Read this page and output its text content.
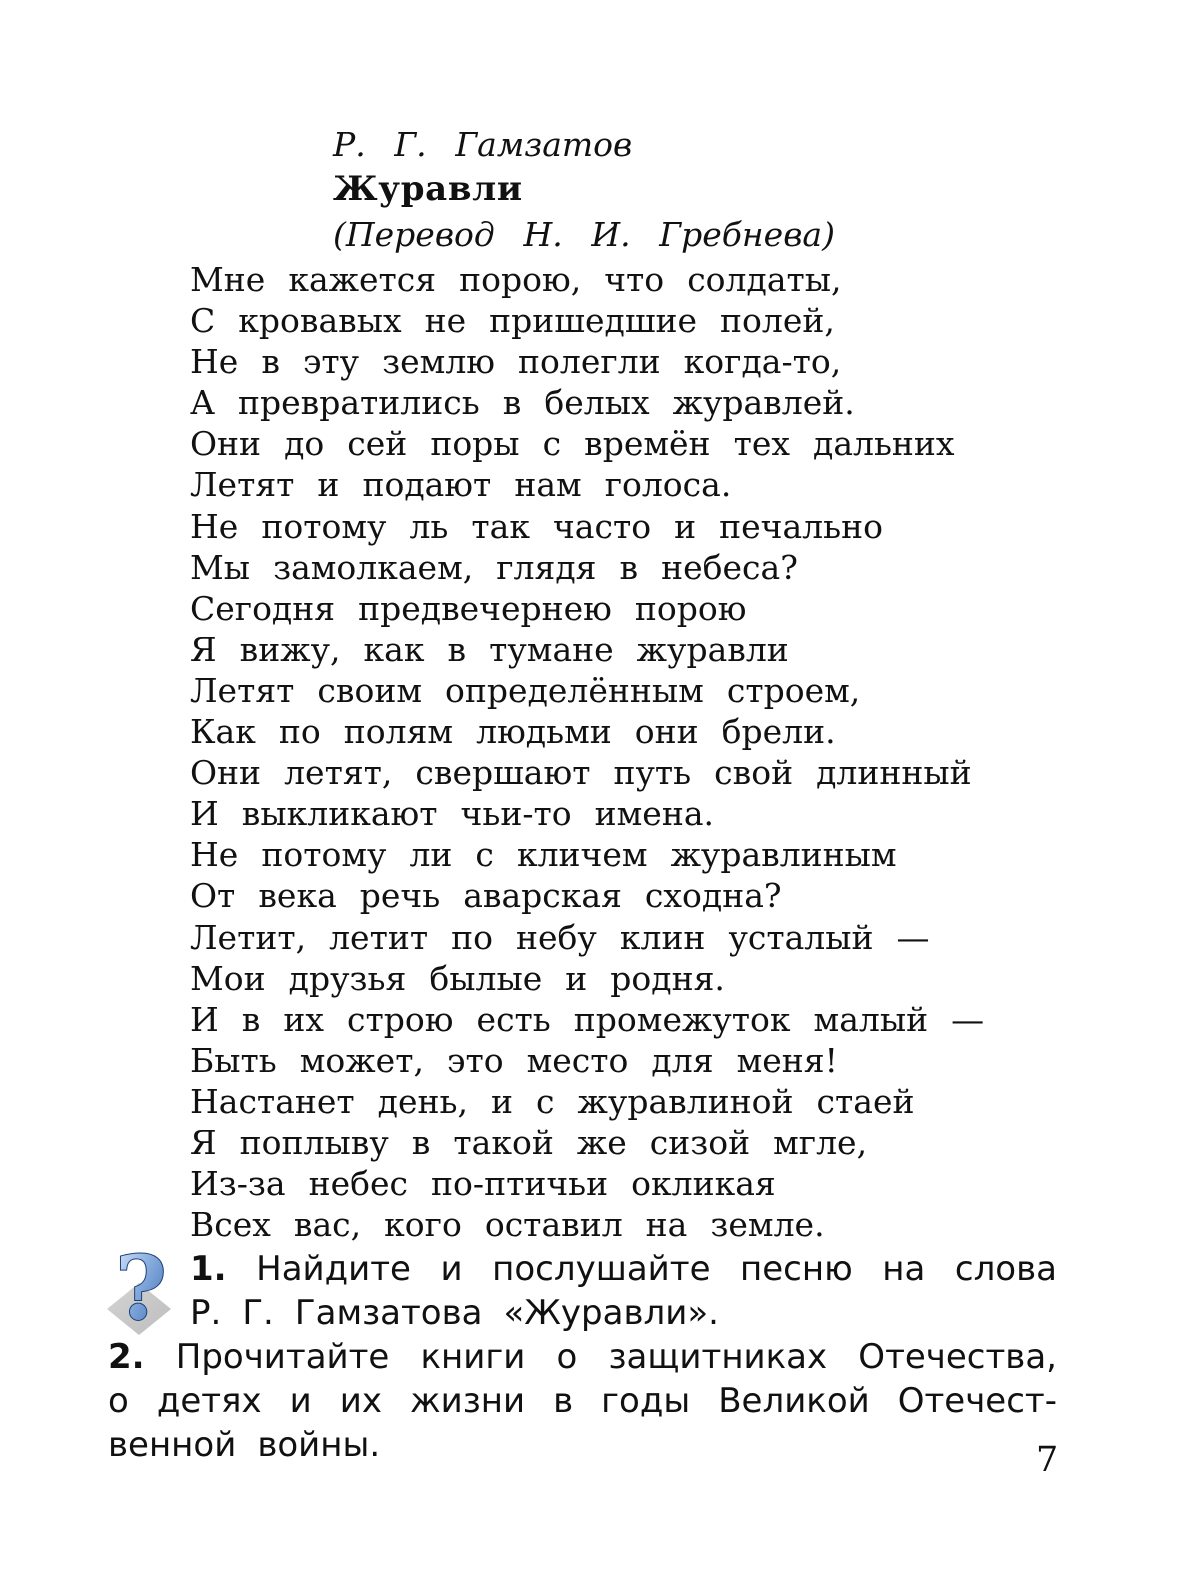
Р. Г. Гамзатов
Журавли
(Перевод Н. И. Гребнева)
Мне кажется порою, что солдаты,
С кровавых не пришедшие полей,
Не в эту землю полегли когда-то,
А превратились в белых журавлей.
Они до сей поры с времён тех дальних
Летят и подают нам голоса.
Не потому ль так часто и печально
Мы замолкаем, глядя в небеса?
Сегодня предвечернею порою
Я вижу, как в тумане журавли
Летят своим определённым строем,
Как по полям людьми они брели.
Они летят, свершают путь свой длинный
И выкликают чьи-то имена.
Не потому ли с кличем журавлиным
От века речь аварская сходна?
Летит, летит по небу клин усталый —
Мои друзья былые и родня.
И в их строю есть промежуток малый —
Быть может, это место для меня!
Настанет день, и с журавлиной стаей
Я поплыву в такой же сизой мгле,
Из-за небес по-птичьи окликая
Всех вас, кого оставил на земле.
? 1. Найдите и послушайте песню на слова
Р. Г. Гамзатова «Журавли».
2. Прочитайте книги о защитниках Отечества,
о детях и их жизни в годы Великой Отечест-
венной войны.	7
